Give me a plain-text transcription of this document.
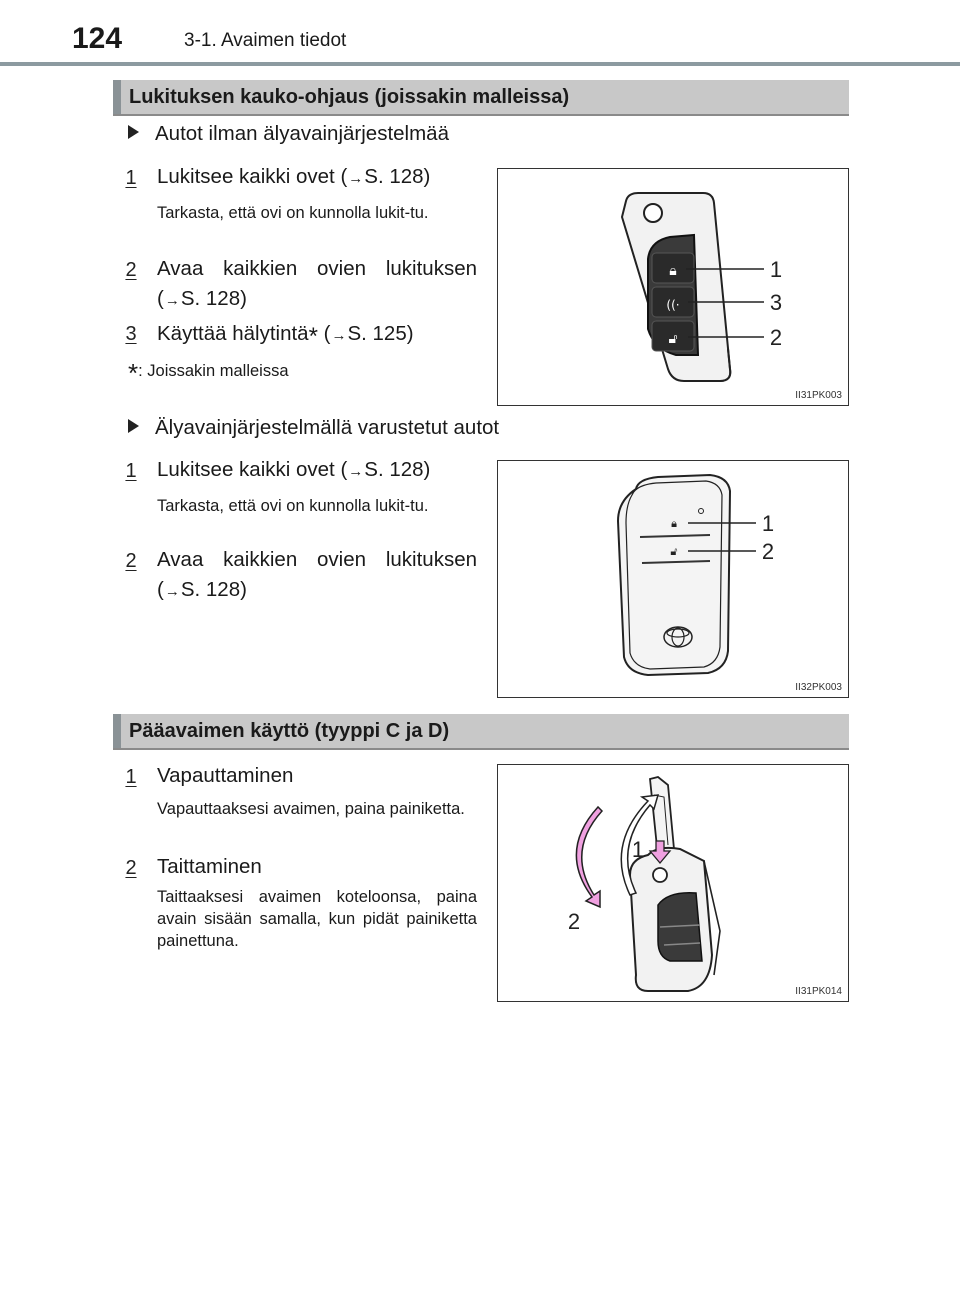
124	3-1. Avaimen tiedot
Lukituksen kauko-ohjaus (joissakin malleissa)
Autot ilman älyavainjärjestelmää
1 Lukitsee kaikki ovet (→S. 128)
Tarkasta, että ovi on kunnolla lukit-tu.
2 Avaa kaikkien ovien lukituksen
(→S. 128)
3 Käyttää hälytintä* (→S. 125)
*: Joissakin malleissa
🔒︎
((·
🔓︎
1
3
2
II31PK003
Älyavainjärjestelmällä varustetut autot
1 Lukitsee kaikki ovet (→S. 128)
Tarkasta, että ovi on kunnolla lukit-tu.
2 Avaa kaikkien ovien lukituksen
(→S. 128)
🔒︎
🔓︎
1
2
II32PK003
Pääavaimen käyttö (tyyppi C ja D)
1 Vapauttaminen
Vapauttaaksesi avaimen, paina painiketta.
2 Taittaminen
Taittaaksesi avaimen koteloonsa, paina avain sisään samalla, kun pidät painiketta painettuna.
1
2
II31PK014
